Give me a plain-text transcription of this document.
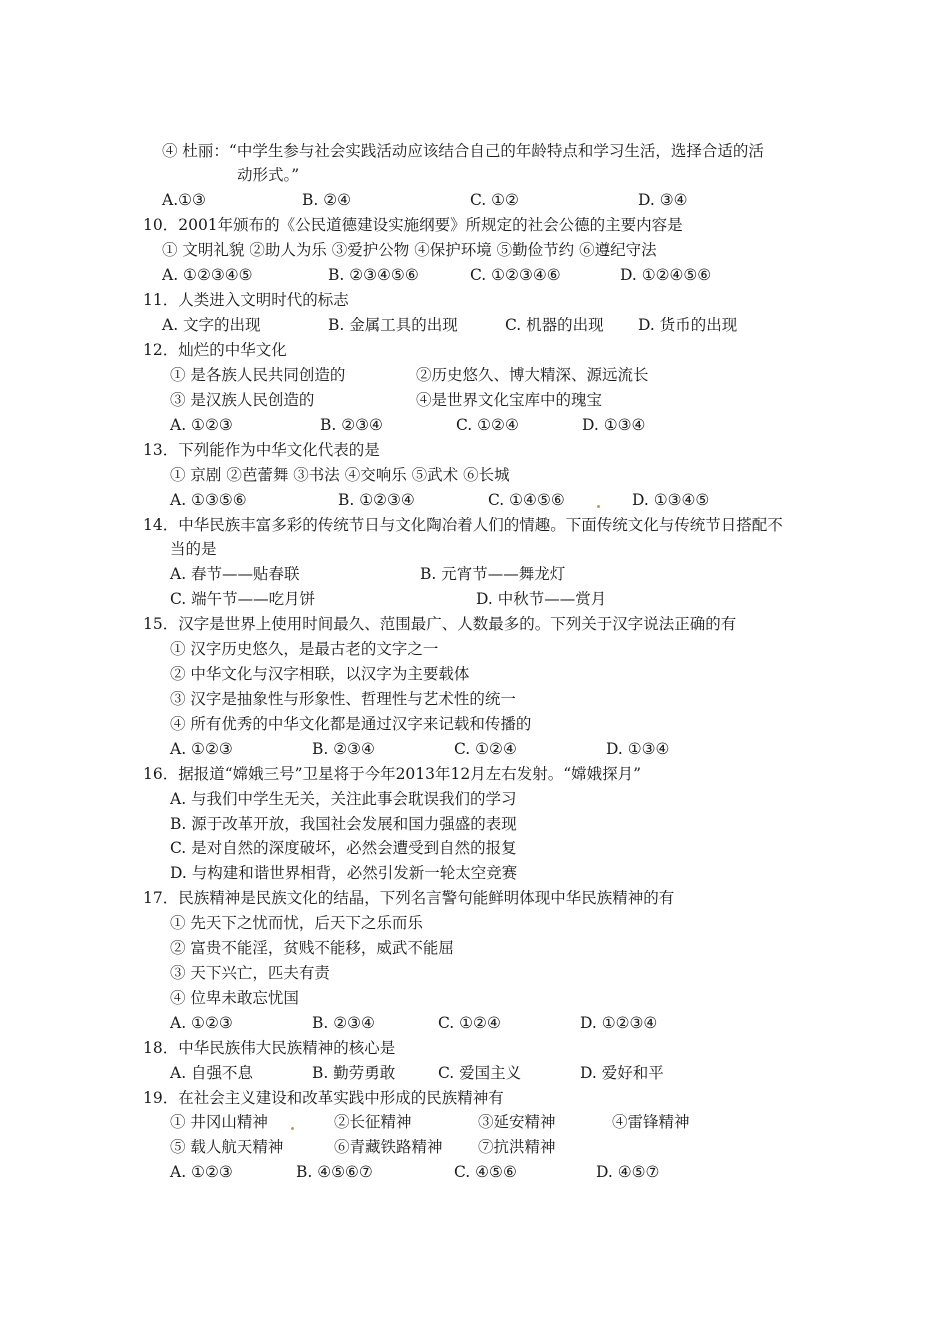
④ 杜丽：“中学生参与社会实践活动应该结合自己的年龄特点和学习生活，选择合适的活
动形式。”
A.①③	B. ②④	C. ①②	D. ③④
10．2001年颁布的《公民道德建设实施纲要》所规定的社会公德的主要内容是
① 文明礼貌 ②助人为乐 ③爱护公物 ④保护环境 ⑤勤俭节约 ⑥遵纪守法
A. ①②③④⑤	B. ②③④⑤⑥	C. ①②③④⑥	D. ①②④⑤⑥
11．人类进入文明时代的标志
A. 文字的出现	B. 金属工具的出现	C. 机器的出现 D. 货币的出现
12．灿烂的中华文化
① 是各族人民共同创造的	②历史悠久、博大精深、源远流长
③ 是汉族人民创造的	④是世界文化宝库中的瑰宝
A. ①②③	B. ②③④	C. ①②④	D. ①③④
13．下列能作为中华文化代表的是
① 京剧 ②芭蕾舞 ③书法 ④交响乐 ⑤武术 ⑥长城
A. ①③⑤⑥	B. ①②③④	C. ①④⑤⑥	D. ①③④⑤
14．中华民族丰富多彩的传统节日与文化陶冶着人们的情趣。下面传统文化与传统节日搭配不
当的是
A. 春节——贴春联	B. 元宵节——舞龙灯
C. 端午节——吃月饼	D. 中秋节——赏月
15．汉字是世界上使用时间最久、范围最广、人数最多的。下列关于汉字说法正确的有
① 汉字历史悠久，是最古老的文字之一
② 中华文化与汉字相联，以汉字为主要载体
③ 汉字是抽象性与形象性、哲理性与艺术性的统一
④ 所有优秀的中华文化都是通过汉字来记载和传播的
A. ①②③	B. ②③④	C. ①②④	D. ①③④
16．据报道“嫦娥三号”卫星将于今年2013年12月左右发射。“嫦娥探月”
A. 与我们中学生无关，关注此事会耽误我们的学习
B. 源于改革开放，我国社会发展和国力强盛的表现
C. 是对自然的深度破坏，必然会遭受到自然的报复
D. 与构建和谐世界相背，必然引发新一轮太空竞赛
17．民族精神是民族文化的结晶，下列名言警句能鲜明体现中华民族精神的有
① 先天下之忧而忧，后天下之乐而乐
② 富贵不能淫，贫贱不能移，威武不能屈
③ 天下兴亡，匹夫有责
④ 位卑未敢忘忧国
A. ①②③	B. ②③④	C. ①②④	D. ①②③④
18．中华民族伟大民族精神的核心是
A. 自强不息	B. 勤劳勇敢	C. 爱国主义	D. 爱好和平
19．在社会主义建设和改革实践中形成的民族精神有
① 井冈山精神	②长征精神	③延安精神	④雷锋精神
⑤ 载人航天精神	⑥青藏铁路精神 ⑦抗洪精神
A. ①②③	B. ④⑤⑥⑦	C. ④⑤⑥	D. ④⑤⑦
